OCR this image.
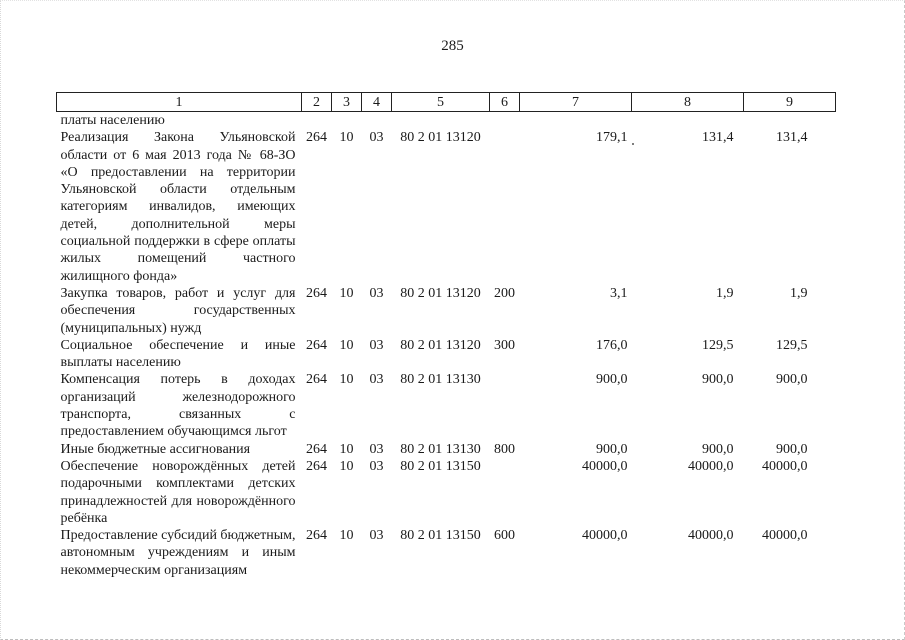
285
1	2	3	4	5	6	7	8	9
платы населению								
Реализация Закона Ульяновской области от 6 мая 2013 года № 68-ЗО «О предоставлении на территории Ульяновской области отдельным категориям инвалидов, имеющих детей, дополнительной меры социальной поддержки в сфере оплаты жилых помещений частного жилищного фонда»	264	10	03	80 2 01 13120		179,1	131,4	131,4
Закупка товаров, работ и услуг для обеспечения государственных (муниципальных) нужд	264	10	03	80 2 01 13120	200	3,1	1,9	1,9
Социальное обеспечение и иные выплаты населению	264	10	03	80 2 01 13120	300	176,0	129,5	129,5
Компенсация потерь в доходах организаций железнодорожного транспорта, связанных с предоставлением обучающимся льгот	264	10	03	80 2 01 13130		900,0	900,0	900,0
Иные бюджетные ассигнования	264	10	03	80 2 01 13130	800	900,0	900,0	900,0
Обеспечение новорождённых детей подарочными комплектами детских принадлежностей для новорождённого ребёнка	264	10	03	80 2 01 13150		40000,0	40000,0	40000,0
Предоставление субсидий бюджетным, автономным учреждениям и иным некоммерческим организациям	264	10	03	80 2 01 13150	600	40000,0	40000,0	40000,0
